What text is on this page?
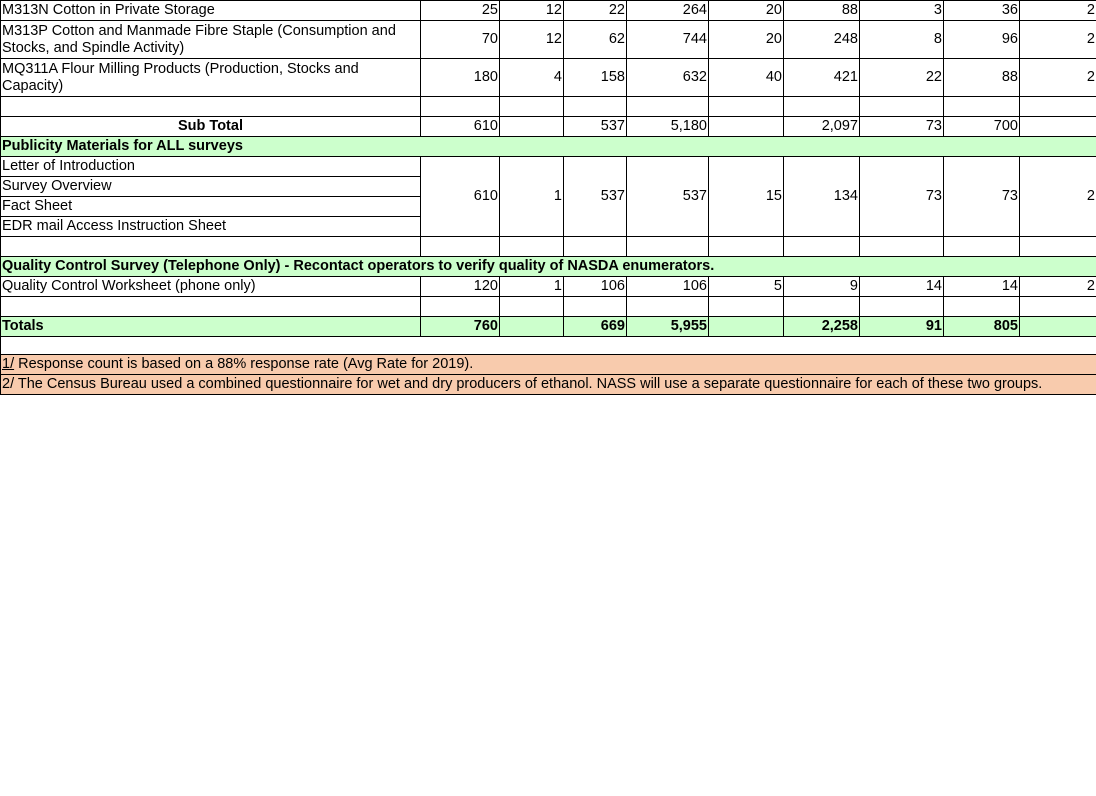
M313N Cotton in Private Storage	25	12	22	264	20	88	3	36	2
M313P Cotton and Manmade Fibre Staple (Consumption and Stocks, and Spindle Activity)	70	12	62	744	20	248	8	96	2
MQ311A Flour Milling Products (Production, Stocks and Capacity)	180	4	158	632	40	421	22	88	2

Sub Total	610		537	5,180		2,097	73	700	
Publicity Materials for ALL surveys									
Letter of Introduction	610	1	537	537	15	134	73	73	2
Survey Overview									
Fact Sheet									
EDR mail Access Instruction Sheet									

Quality Control Survey (Telephone Only) - Recontact operators to verify quality of NASDA enumerators.									
Quality Control Worksheet (phone only)	120	1	106	106	5	9	14	14	2

Totals	760		669	5,955		2,258	91	805	

1/ Response count is based on a 88% response rate (Avg Rate for 2019).									
2/ The Census Bureau used a combined questionnaire for wet and dry producers of ethanol. NASS will use a separate questionnaire for each of these two groups.									
